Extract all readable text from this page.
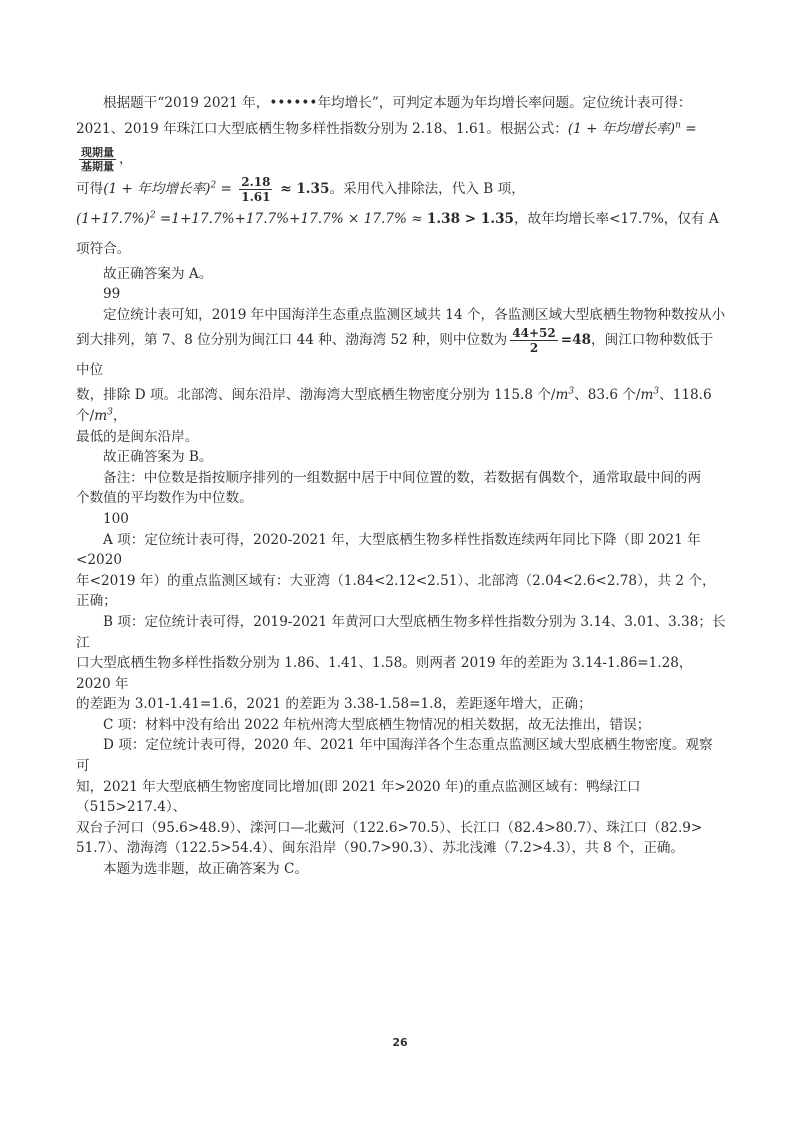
根据题干“2019 2021 年，••••••年均增长”，可判定本题为年均增长率问题。定位统计表可得：

2021、2019 年珠江口大型底栖生物多样性指数分别为 2.18、1.61。根据公式：(1 + 年均增长率)$^n$ =
$\frac{\text{现期量}}{\text{基期量}}$ ，

可得(1 + 年均增长率)$^2 = \frac{2.18}{1.61} \approx 1.35$。采用代入排除法，代入 B 项，

$(1+17.7\%)^2 =1+17.7\%+17.7\%+17.7\% \times 17.7\% \approx 1.38 > 1.35$，故年均增长率<17.7%，仅有 A 项符合。

故正确答案为 A。

99

定位统计表可知，2019 年中国海洋生态重点监测区域共 14 个，各监测区域大型底栖生物物种数按从小

到大排列，第 7、8 位分别为闽江口 44 种、渤海湾 52 种，则中位数为 $\frac{44+52}{2} =48$，闽江口物种数低于中位

数，排除 D 项。北部湾、闽东沿岸、渤海湾大型底栖生物密度分别为 115.8 个$/m^3$、83.6 个$/m^3$、118.6 个$/m^3$，

最低的是闽东沿岸。

故正确答案为 B。

备注：中位数是指按顺序排列的一组数据中居于中间位置的数，若数据有偶数个，通常取最中间的两

个数值的平均数作为中位数。

100

A 项：定位统计表可得，2020-2021 年，大型底栖生物多样性指数连续两年同比下降（即 2021 年<2020

年<2019 年）的重点监测区域有：大亚湾（1.84<2.12<2.51）、北部湾（2.04<2.6<2.78），共 2 个，

正确；

B 项：定位统计表可得，2019-2021 年黄河口大型底栖生物多样性指数分别为 3.14、3.01、3.38；长江

口大型底栖生物多样性指数分别为 1.86、1.41、1.58。则两者 2019 年的差距为 3.14-1.86=1.28，2020 年

的差距为 3.01-1.41=1.6，2021 的差距为 3.38-1.58=1.8，差距逐年增大，正确；

C 项：材料中没有给出 2022 年杭州湾大型底栖生物情况的相关数据，故无法推出，错误；

D 项：定位统计表可得，2020 年、2021 年中国海洋各个生态重点监测区域大型底栖生物密度。观察可

知，2021 年大型底栖生物密度同比增加(即 2021 年>2020 年)的重点监测区域有：鸭绿江口（515>217.4）、

双台子河口（95.6>48.9）、滦河口—北戴河（122.6>70.5）、长江口（82.4>80.7）、珠江口（82.9>

51.7）、渤海湾（122.5>54.4）、闽东沿岸（90.7>90.3）、苏北浅滩（7.2>4.3），共 8 个，正确。

本题为选非题，故正确答案为 C。

26
